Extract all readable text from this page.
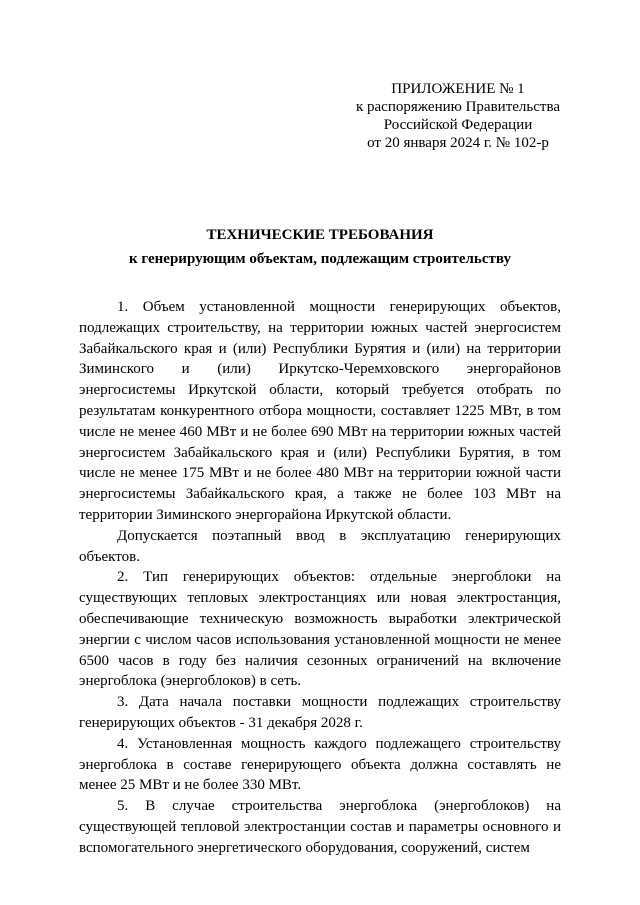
ПРИЛОЖЕНИЕ № 1
к распоряжению Правительства
Российской Федерации
от 20 января 2024 г. № 102-р
ТЕХНИЧЕСКИЕ ТРЕБОВАНИЯ
к генерирующим объектам, подлежащим строительству

1. Объем установленной мощности генерирующих объектов, подлежащих строительству, на территории южных частей энергосистем Забайкальского края и (или) Республики Бурятия и (или) на территории Зиминского и (или) Иркутско-Черемховского энергорайонов энергосистемы Иркутской области, который требуется отобрать по результатам конкурентного отбора мощности, составляет 1225 МВт, в том числе не менее 460 МВт и не более 690 МВт на территории южных частей энергосистем Забайкальского края и (или) Республики Бурятия, в том числе не менее 175 МВт и не более 480 МВт на территории южной части энергосистемы Забайкальского края, а также не более 103 МВт на территории Зиминского энергорайона Иркутской области.

Допускается поэтапный ввод в эксплуатацию генерирующих объектов.

2. Тип генерирующих объектов: отдельные энергоблоки на существующих тепловых электростанциях или новая электростанция, обеспечивающие техническую возможность выработки электрической энергии с числом часов использования установленной мощности не менее 6500 часов в году без наличия сезонных ограничений на включение энергоблока (энергоблоков) в сеть.

3. Дата начала поставки мощности подлежащих строительству генерирующих объектов - 31 декабря 2028 г.

4. Установленная мощность каждого подлежащего строительству энергоблока в составе генерирующего объекта должна составлять не менее 25 МВт и не более 330 МВт.

5. В случае строительства энергоблока (энергоблоков) на существующей тепловой электростанции состав и параметры основного и вспомогательного энергетического оборудования, сооружений, систем
